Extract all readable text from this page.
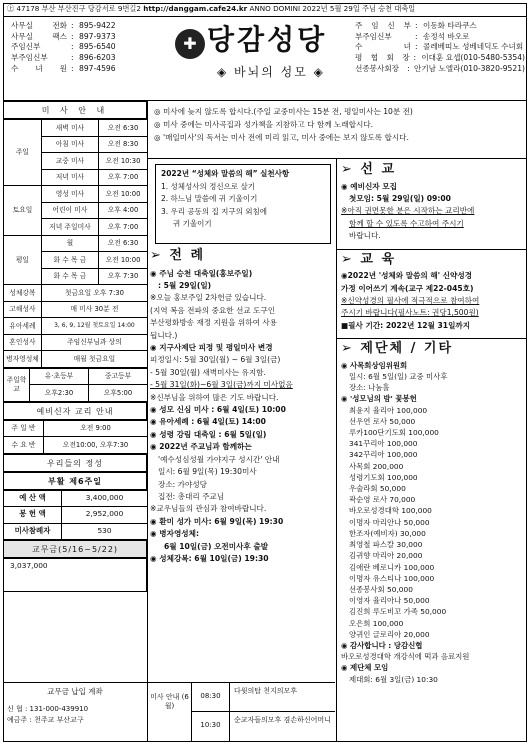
㊤ 47178 부산 부산진구 당감서로 9번길2 http://danggam.cafe24.kr ANNO DOMINI 2022년 5월 29일 주님 승천 대축일
사무실 전화 : 895-9422
사무실 팩스 : 897-9373
주임신부	: 895-6540
부주임신부	: 896-6203
수 녀 원 : 897-4596
✚ 당감성당
◈ 바뇌의 성모 ◈
주 임 신 부 : 이동화 타라쿠스
부주임신부	: 송정석 바오로
수 녀 : 콜레베띠노 성베네딕도 수녀회
평 협 회 장 : 이대훈 요셉(010-5480-5354)
선종봉사회장	: 안기남 노엘라(010-3820-9521)
미 사 안 내
주일	새벽 미사	오전 6:30
	아침 미사	오전 8:30
	교중 미사	오전 10:30
	저녁 미사	오후 7:00
토요일	영성 미사	오전 10:00
	어린이 미사	오후 4:00
	저녁 주일미사	오후 7:00
평일	월	오전 6:30
	화 수 목 금	오전 10:00
	화 수 목 금	오후 7:30
성체강복	첫금요일 오후 7:30	
고해성사	매 미사 30분 전	
유아세례	3, 6, 9, 12월 첫토요일 14:00	
혼인성사	주임신부님과 상의	
병자영성체	매월 첫금요일	
주일학교	유·초등부	중고등부
	오후2:30	오후5:00
예비신자 교리 안내
주 일 반	오전 9:00
수 요 반	오전10:00, 오후7:30
우리들의 정성
부활 제6주일
예 산 액	3,400,000
봉 헌 액	2,952,000
미사참례자	530
교무금(5/16~5/22)
3,037,000
◎ 미사에 늦지 않도록 합시다.(주일 교중미사는 15분 전, 평일미사는 10분 전)
◎ 미사 중에는 미사곡집과 성가책을 지참하고 다 함께 노래합시다.
◎ '매일미사'의 독서는 미사 전에 미리 읽고, 미사 중에는 보지 않도록 합시다.
2022년 “성체와 말씀의 해” 실천사항
1. 성체성사의 정신으로 살기
2. 하느님 말씀에 귀 기울이기
3. 우리 공동의 집 지구의 외침에
귀 기울이기
➢ 전 례
◉ 주님 승천 대축일(홍보주일)
: 5월 29일(일)
※오늘 홍보주일 2차헌금 있습니다.
(지역 복음 전파의 중요한 선교 도구인
부산평화방송 재정 지원을 위하여 사용
됩니다.)
◉ 지구사제단 피정 및 평일미사 변경
피정일시: 5월 30일(월) ~ 6월 3일(금)
- 5월 30일(월) 새벽미사는 유지함.
- 5월 31일(화)~6월 3일(금)까지 미사없음
※신부님을 위하여 많은 기도 바랍니다.
◉ 성모 신심 미사 : 6월 4일(토) 10:00
◉ 유아세례 : 6월 4일(토) 14:00
◉ 성령 강림 대축일 : 6월 5일(일)
◉ 2022년 주교님과 함께하는
'예수성심성월 가야지구 성시간' 안내
일시: 6월 9일(목) 19:30미사
장소: 가야성당
집전: 총대리 주교님
※교우님들의 관심과 참여바랍니다.
◉ 환미 성가 미사: 6월 9일(목) 19:30
◉ 병자영성체:
6월 10일(금) 오전미사후 출발
◉ 성체강복: 6월 10일(금) 19:30
교무금 납입 계좌
신 협 : 131-000-439910
예금주 : 천주교 부산교구
미사 안내 (6월)
08:30
다윗의탑 천지의모후
10:30
순교자들의모후 겸손하신어머니
➢ 선 교
◉ 예비신자 모집
첫모임: 5월 29일(일) 09:00
※아직 권면못한 분은 시작하는 교리반에
함께 할 수 있도록 수고하여 주시기
바랍니다.
➢ 교 육
◉2022년 '성체와 말씀의 해' 신약성경
가정 이어쓰기 계속(교구 제22-045호)
※신약성경의 필사에 적극적으로 참여하여
주시기 바랍니다(필사노트: 권당1,500원)
■필사 기간: 2022년 12월 31일까지
➢ 제단체 / 기타
◉ 사목회상임위원회
일시: 6월 5일(일) 교중 미사후
장소: 나눔홀
◉ '성모님의 밤' 꽃봉헌
최윤지 율리아 100,000
선우연 로사 50,000
루카100단기도회 100,000
341꾸리아 100,000
342꾸리아 100,000
사목회 200,000
성령기도회 100,000
우술라회 50,000
곽순영 로사 70,000
바오로성경대학 100,000
이명자 마리안나 50,000
한조자(예비자) 30,000
최영철 파스칼 30,000
김귀향 마리아 20,000
김애란 베로니카 100,000
이명자 유스티나 100,000
선종봉사회 50,000
이영자 율리아나 50,000
김진희 루도비꼬 가족 50,000
오은희 100,000
양귀인 글로리아 20,000
◉ 감사합니다 : 당감신협
바오로성경대학 개강식에 떡과 음료지원
◉ 제단체 모임
제대회: 6월 3일(금) 10:30
